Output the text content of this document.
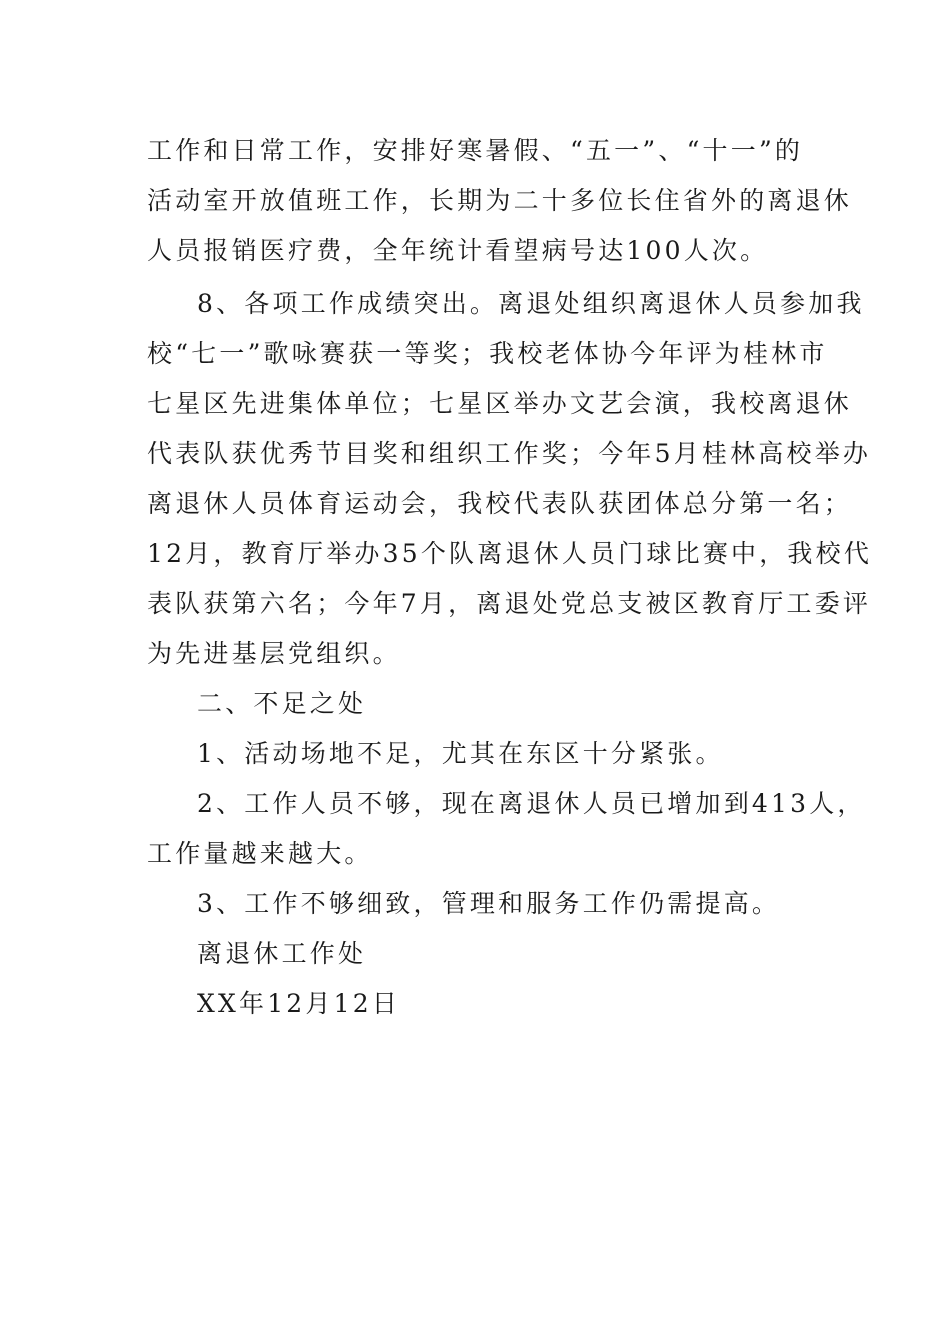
工作和日常工作，安排好寒暑假、“五一”、“十一”的
活动室开放值班工作，长期为二十多位长住省外的离退休
人员报销医疗费，全年统计看望病号达100人次。
8、各项工作成绩突出。离退处组织离退休人员参加我
校“七一”歌咏赛获一等奖；我校老体协今年评为桂林市
七星区先进集体单位；七星区举办文艺会演，我校离退休
代表队获优秀节目奖和组织工作奖；今年5月桂林高校举办
离退休人员体育运动会，我校代表队获团体总分第一名；
12月，教育厅举办35个队离退休人员门球比赛中，我校代
表队获第六名；今年7月，离退处党总支被区教育厅工委评
为先进基层党组织。
二、不足之处
1、活动场地不足，尤其在东区十分紧张。
2、工作人员不够，现在离退休人员已增加到413人，
工作量越来越大。
3、工作不够细致，管理和服务工作仍需提高。
离退休工作处
XX年12月12日
